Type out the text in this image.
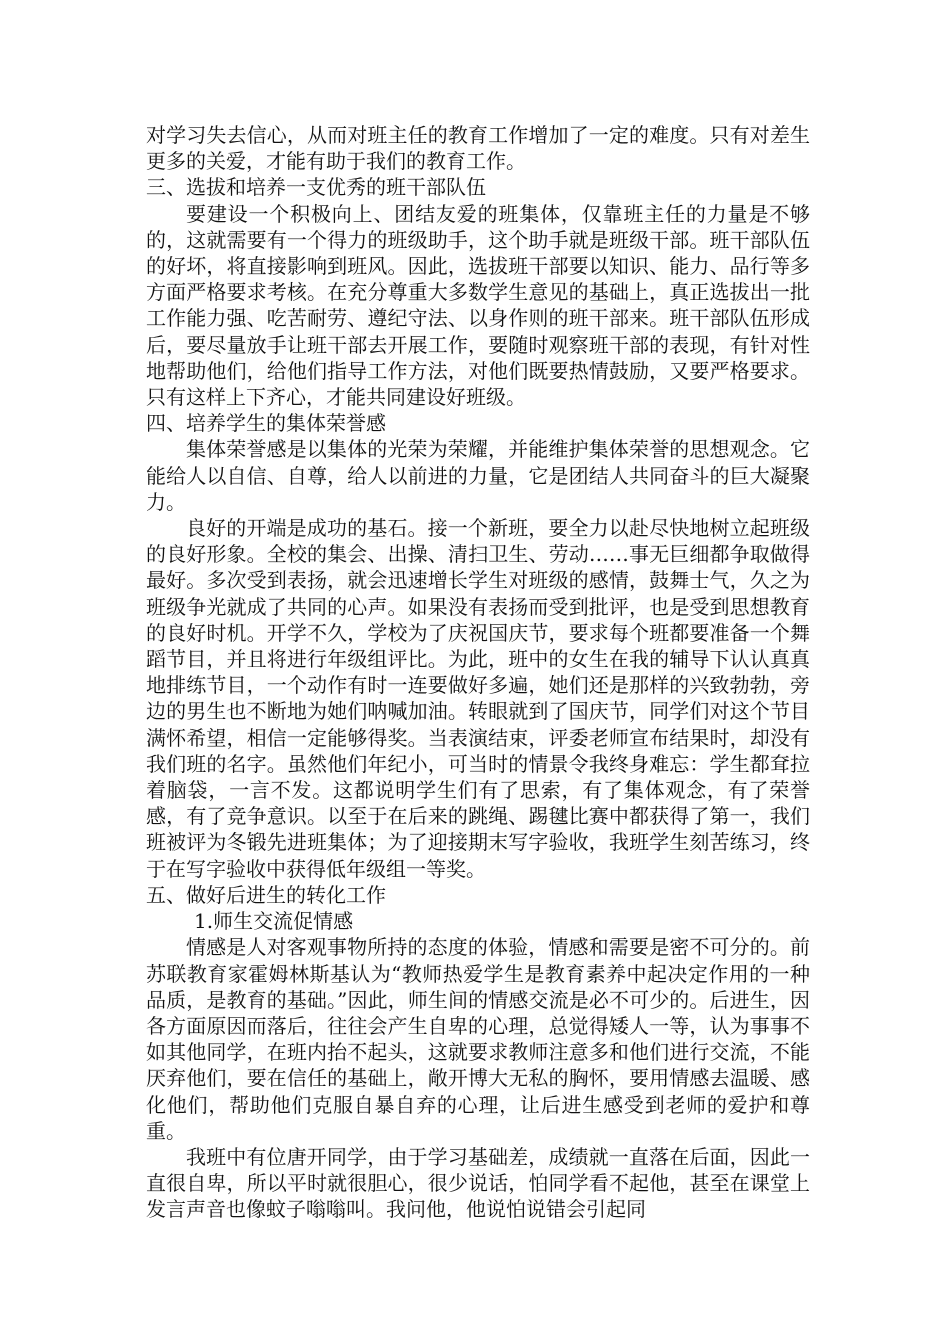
对学习失去信心，从而对班主任的教育工作增加了一定的难度。只有对差生更多的关爱，才能有助于我们的教育工作。

三、选拔和培养一支优秀的班干部队伍

要建设一个积极向上、团结友爱的班集体，仅靠班主任的力量是不够的，这就需要有一个得力的班级助手，这个助手就是班级干部。班干部队伍的好坏，将直接影响到班风。因此，选拔班干部要以知识、能力、品行等多方面严格要求考核。在充分尊重大多数学生意见的基础上，真正选拔出一批工作能力强、吃苦耐劳、遵纪守法、以身作则的班干部来。班干部队伍形成后，要尽量放手让班干部去开展工作，要随时观察班干部的表现，有针对性地帮助他们，给他们指导工作方法，对他们既要热情鼓励，又要严格要求。只有这样上下齐心，才能共同建设好班级。

四、培养学生的集体荣誉感

集体荣誉感是以集体的光荣为荣耀，并能维护集体荣誉的思想观念。它能给人以自信、自尊，给人以前进的力量，它是团结人共同奋斗的巨大凝聚力。

良好的开端是成功的基石。接一个新班，要全力以赴尽快地树立起班级的良好形象。全校的集会、出操、清扫卫生、劳动……事无巨细都争取做得最好。多次受到表扬，就会迅速增长学生对班级的感情，鼓舞士气，久之为班级争光就成了共同的心声。如果没有表扬而受到批评，也是受到思想教育的良好时机。开学不久，学校为了庆祝国庆节，要求每个班都要准备一个舞蹈节目，并且将进行年级组评比。为此，班中的女生在我的辅导下认认真真地排练节目，一个动作有时一连要做好多遍，她们还是那样的兴致勃勃，旁边的男生也不断地为她们呐喊加油。转眼就到了国庆节，同学们对这个节目满怀希望，相信一定能够得奖。当表演结束，评委老师宣布结果时，却没有我们班的名字。虽然他们年纪小，可当时的情景令我终身难忘：学生都耷拉着脑袋，一言不发。这都说明学生们有了思索，有了集体观念，有了荣誉感，有了竞争意识。以至于在后来的跳绳、踢毽比赛中都获得了第一，我们班被评为冬锻先进班集体；为了迎接期末写字验收，我班学生刻苦练习，终于在写字验收中获得低年级组一等奖。

五、做好后进生的转化工作

1.师生交流促情感

情感是人对客观事物所持的态度的体验，情感和需要是密不可分的。前苏联教育家霍姆林斯基认为“教师热爱学生是教育素养中起决定作用的一种品质，是教育的基础。”因此，师生间的情感交流是必不可少的。后进生，因各方面原因而落后，往往会产生自卑的心理，总觉得矮人一等，认为事事不如其他同学，在班内抬不起头，这就要求教师注意多和他们进行交流，不能厌弃他们，要在信任的基础上，敞开博大无私的胸怀，要用情感去温暖、感化他们，帮助他们克服自暴自弃的心理，让后进生感受到老师的爱护和尊重。

我班中有位唐开同学，由于学习基础差，成绩就一直落在后面，因此一直很自卑，所以平时就很胆心，很少说话，怕同学看不起他，甚至在课堂上发言声音也像蚊子嗡嗡叫。我问他，他说怕说错会引起同
